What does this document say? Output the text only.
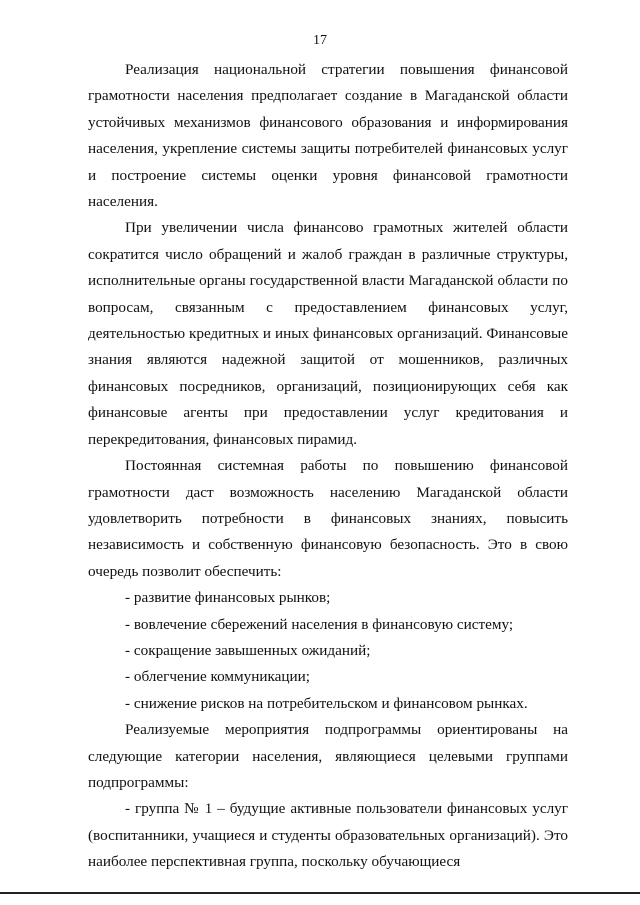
17

Реализация национальной стратегии повышения финансовой грамотности населения предполагает создание в Магаданской области устойчивых механизмов финансового образования и информирования населения, укрепление системы защиты потребителей финансовых услуг и построение системы оценки уровня финансовой грамотности населения.

При увеличении числа финансово грамотных жителей области сократится число обращений и жалоб граждан в различные структуры, исполнительные органы государственной власти Магаданской области по вопросам, связанным с предоставлением финансовых услуг, деятельностью кредитных и иных финансовых организаций. Финансовые знания являются надежной защитой от мошенников, различных финансовых посредников, организаций, позиционирующих себя как финансовые агенты при предоставлении услуг кредитования и перекредитования, финансовых пирамид.

Постоянная системная работы по повышению финансовой грамотности даст возможность населению Магаданской области удовлетворить потребности в финансовых знаниях, повысить независимость и собственную финансовую безопасность. Это в свою очередь позволит обеспечить:

- развитие финансовых рынков;

- вовлечение сбережений населения в финансовую систему;

- сокращение завышенных ожиданий;

- облегчение коммуникации;

- снижение рисков на потребительском и финансовом рынках.

Реализуемые мероприятия подпрограммы ориентированы на следующие категории населения, являющиеся целевыми группами подпрограммы:

- группа № 1 – будущие активные пользователи финансовых услуг (воспитанники, учащиеся и студенты образовательных организаций). Это наиболее перспективная группа, поскольку обучающиеся
